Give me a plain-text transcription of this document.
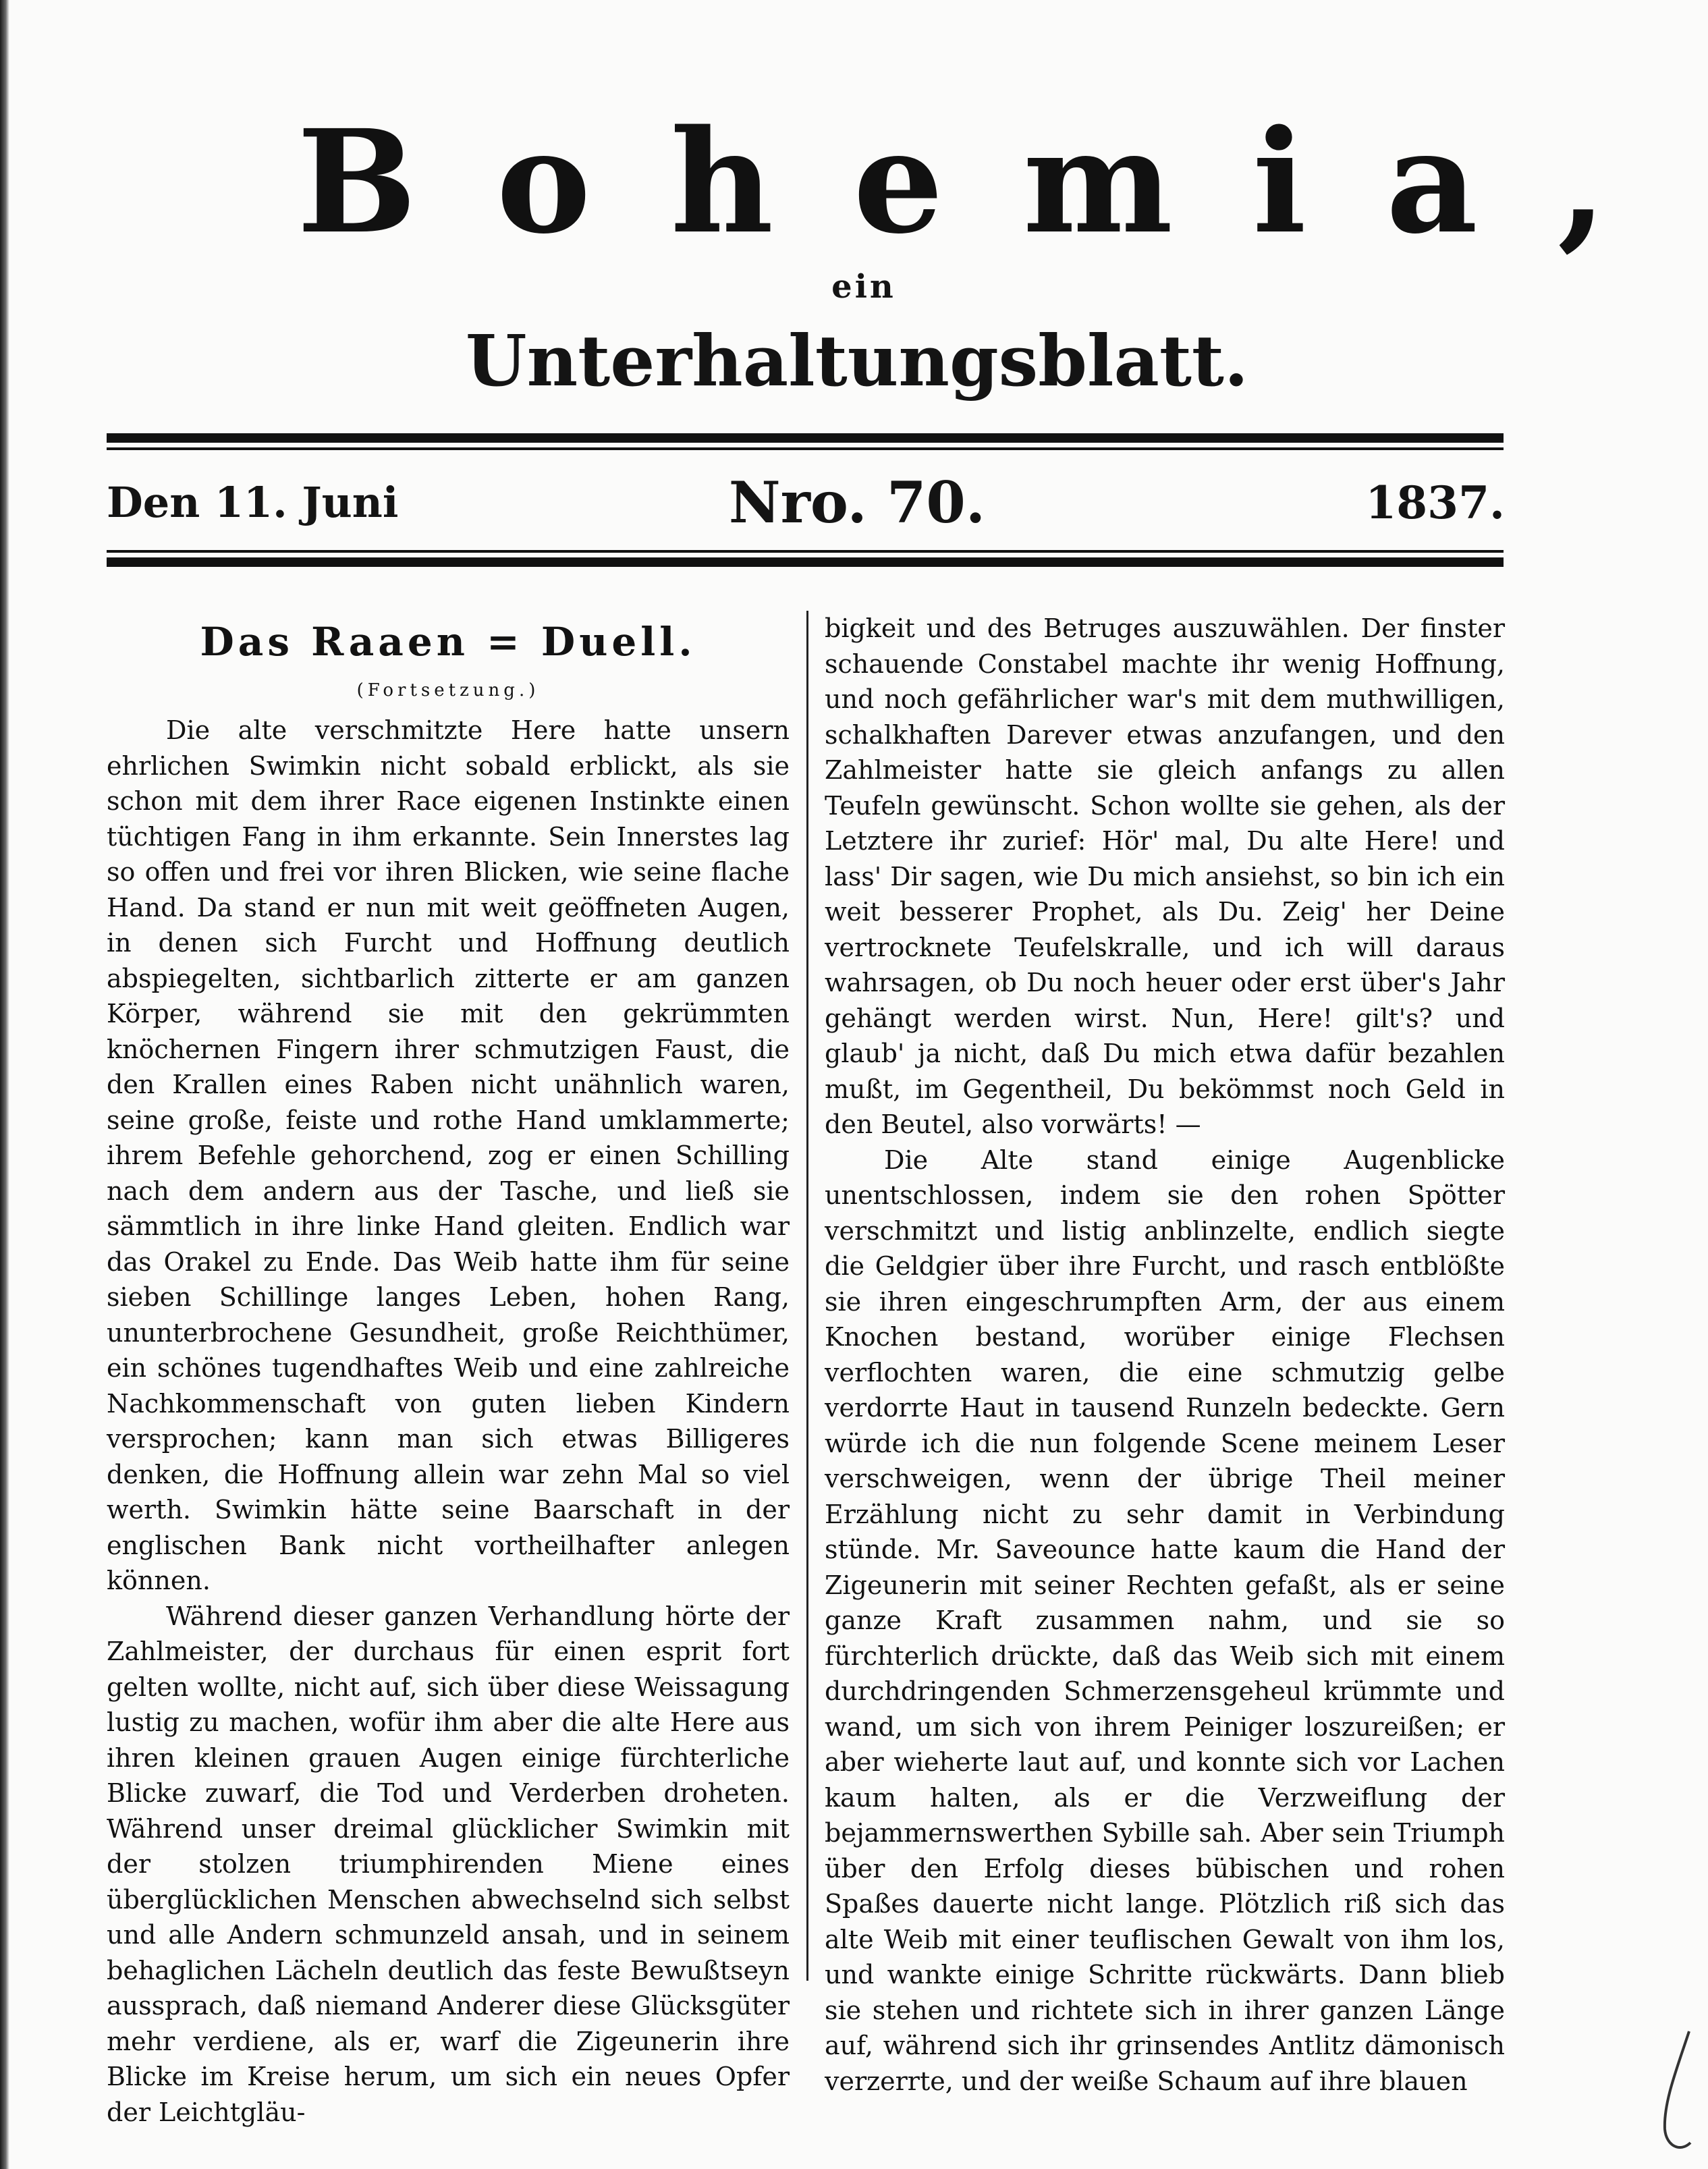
Bohemia,
ein
Unterhaltungsblatt.
Den 11. Juni	Nro. 70.	1837.
Das Raaen = Duell.
(Fortsetzung.)

Die alte verschmitzte Here hatte unsern ehrlichen Swimkin nicht sobald erblickt, als sie schon mit dem ihrer Race eigenen Instinkte einen tüchtigen Fang in ihm erkannte. Sein Innerstes lag so offen und frei vor ihren Blicken, wie seine flache Hand. Da stand er nun mit weit geöffneten Augen, in denen sich Furcht und Hoffnung deutlich abspiegelten, sichtbarlich zitterte er am ganzen Körper, während sie mit den gekrümmten knöchernen Fingern ihrer schmutzigen Faust, die den Krallen eines Raben nicht unähnlich waren, seine große, feiste und rothe Hand umklammerte; ihrem Befehle gehorchend, zog er einen Schilling nach dem andern aus der Tasche, und ließ sie sämmtlich in ihre linke Hand gleiten. Endlich war das Orakel zu Ende. Das Weib hatte ihm für seine sieben Schillinge langes Leben, hohen Rang, ununterbrochene Gesundheit, große Reichthümer, ein schönes tugendhaftes Weib und eine zahlreiche Nachkommenschaft von guten lieben Kindern versprochen; kann man sich etwas Billigeres denken, die Hoffnung allein war zehn Mal so viel werth. Swimkin hätte seine Baarschaft in der englischen Bank nicht vortheilhafter anlegen können.

Während dieser ganzen Verhandlung hörte der Zahlmeister, der durchaus für einen esprit fort gelten wollte, nicht auf, sich über diese Weissagung lustig zu machen, wofür ihm aber die alte Here aus ihren kleinen grauen Augen einige fürchterliche Blicke zuwarf, die Tod und Verderben droheten. Während unser dreimal glücklicher Swimkin mit der stolzen triumphirenden Miene eines überglücklichen Menschen abwechselnd sich selbst und alle Andern schmunzeld ansah, und in seinem behaglichen Lächeln deutlich das feste Bewußtseyn aussprach, daß niemand Anderer diese Glücksgüter mehr verdiene, als er, warf die Zigeunerin ihre Blicke im Kreise herum, um sich ein neues Opfer der Leichtgläu-

bigkeit und des Betruges auszuwählen. Der finster schauende Constabel machte ihr wenig Hoffnung, und noch gefährlicher war's mit dem muthwilligen, schalkhaften Darever etwas anzufangen, und den Zahlmeister hatte sie gleich anfangs zu allen Teufeln gewünscht. Schon wollte sie gehen, als der Letztere ihr zurief: Hör' mal, Du alte Here! und lass' Dir sagen, wie Du mich ansiehst, so bin ich ein weit besserer Prophet, als Du. Zeig' her Deine vertrocknete Teufelskralle, und ich will daraus wahrsagen, ob Du noch heuer oder erst über's Jahr gehängt werden wirst. Nun, Here! gilt's? und glaub' ja nicht, daß Du mich etwa dafür bezahlen mußt, im Gegentheil, Du bekömmst noch Geld in den Beutel, also vorwärts! —

Die Alte stand einige Augenblicke unentschlossen, indem sie den rohen Spötter verschmitzt und listig anblinzelte, endlich siegte die Geldgier über ihre Furcht, und rasch entblößte sie ihren eingeschrumpften Arm, der aus einem Knochen bestand, worüber einige Flechsen verflochten waren, die eine schmutzig gelbe verdorrte Haut in tausend Runzeln bedeckte. Gern würde ich die nun folgende Scene meinem Leser verschweigen, wenn der übrige Theil meiner Erzählung nicht zu sehr damit in Verbindung stünde. Mr. Saveounce hatte kaum die Hand der Zigeunerin mit seiner Rechten gefaßt, als er seine ganze Kraft zusammen nahm, und sie so fürchterlich drückte, daß das Weib sich mit einem durchdringenden Schmerzensgeheul krümmte und wand, um sich von ihrem Peiniger loszureißen; er aber wieherte laut auf, und konnte sich vor Lachen kaum halten, als er die Verzweiflung der bejammernswerthen Sybille sah. Aber sein Triumph über den Erfolg dieses bübischen und rohen Spaßes dauerte nicht lange. Plötzlich riß sich das alte Weib mit einer teuflischen Gewalt von ihm los, und wankte einige Schritte rückwärts. Dann blieb sie stehen und richtete sich in ihrer ganzen Länge auf, während sich ihr grinsendes Antlitz dämonisch verzerrte, und der weiße Schaum auf ihre blauen
